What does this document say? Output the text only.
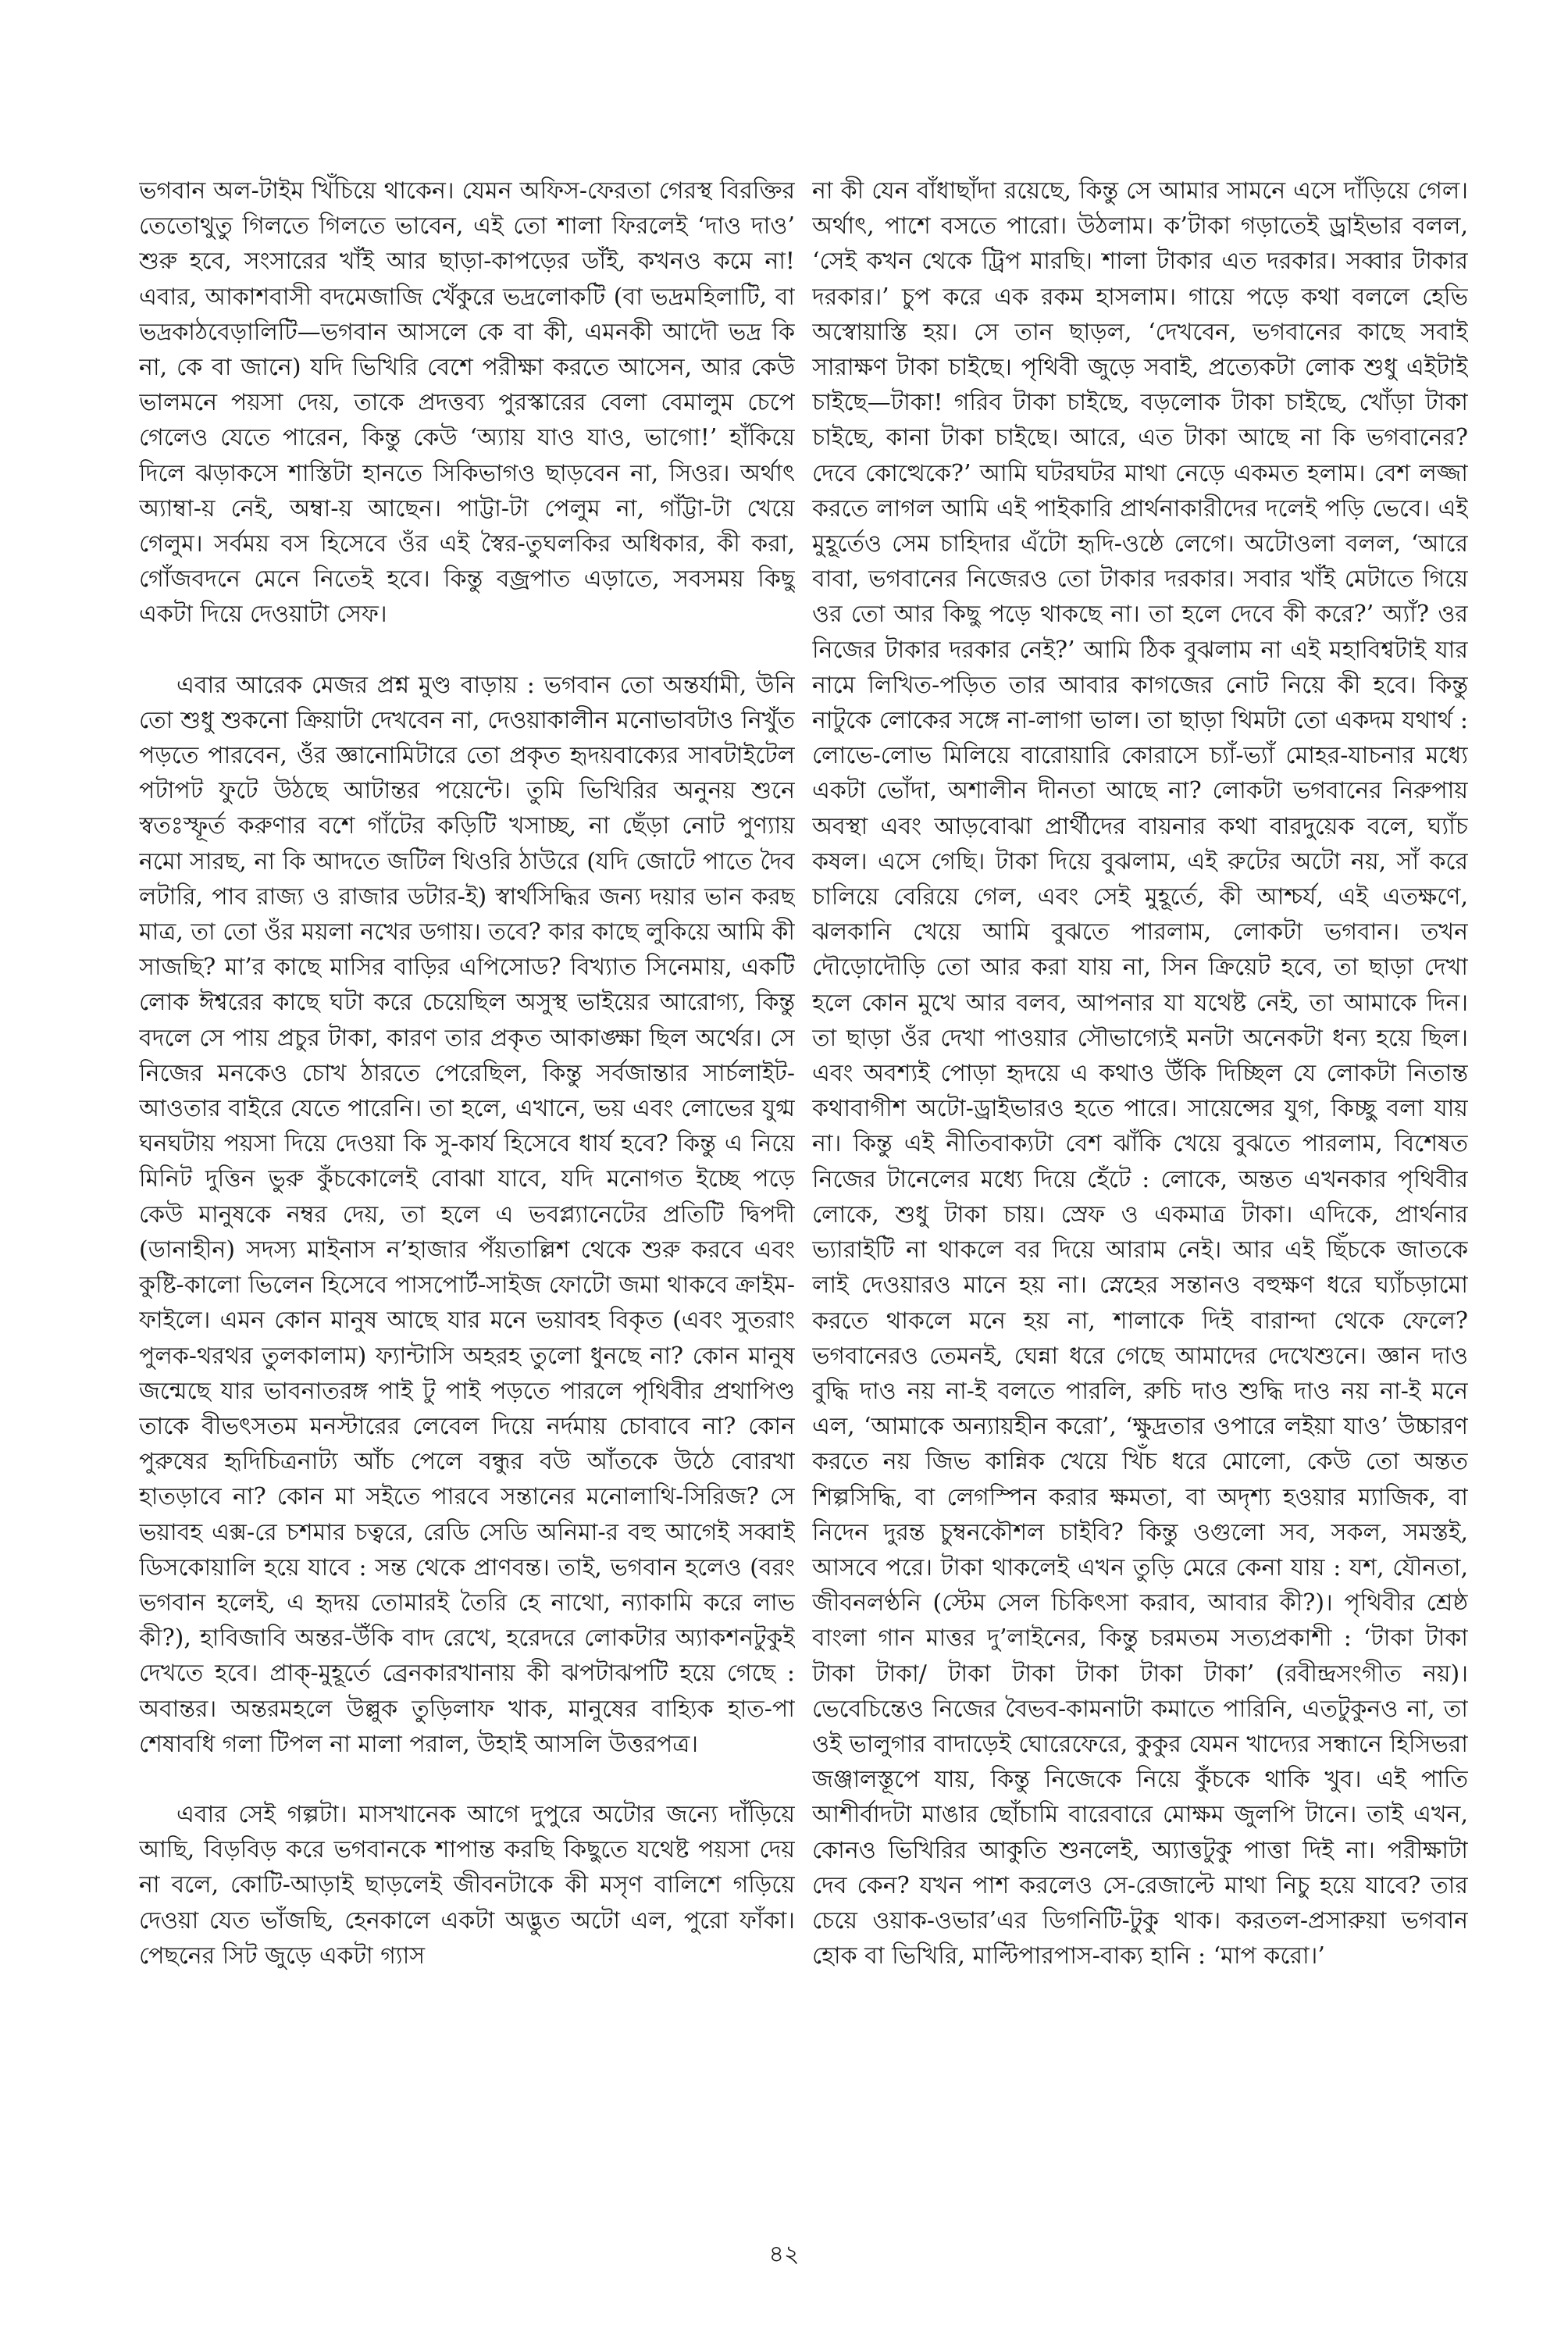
ভগবান অল-টাইম খিঁচিয়ে থাকেন। যেমন অফিস-ফেরতা গেরস্থ বিরক্তির তেতোথুতু গিলতে গিলতে ভাবেন, এই তো শালা ফিরলেই ‘দাও দাও’ শুরু হবে, সংসারের খাঁই আর ছাড়া-কাপড়ের ডাঁই, কখনও কমে না! এবার, আকাশবাসী বদমেজাজি খেঁকুরে ভদ্রলোকটি (বা ভদ্রমহিলাটি, বা ভদ্রকাঠবেড়ালিটি—ভগবান আসলে কে বা কী, এমনকী আদৌ ভদ্র কি না, কে বা জানে) যদি ভিখিরি বেশে পরীক্ষা করতে আসেন, আর কেউ ভালমনে পয়সা দেয়, তাকে প্রদত্তব্য পুরস্কারের বেলা বেমালুম চেপে গেলেও যেতে পারেন, কিন্তু কেউ ‘অ্যায় যাও যাও, ভাগো!’ হাঁকিয়ে দিলে ঝড়াকসে শাস্তিটা হানতে সিকিভাগও ছাড়বেন না, সিওর। অর্থাৎ অ্যাম্বা-য় নেই, অম্বা-য় আছেন। পাট্টা-টা পেলুম না, গাঁট্টা-টা খেয়ে গেলুম। সর্বময় বস হিসেবে ওঁর এই স্বৈর-তুঘলকির অধিকার, কী করা, গোঁজবদনে মেনে নিতেই হবে। কিন্তু বজ্রপাত এড়াতে, সবসময় কিছু একটা দিয়ে দেওয়াটা সেফ।

এবার আরেক মেজর প্রশ্ন মুণ্ড বাড়ায় : ভগবান তো অন্তর্যামী, উনি তো শুধু শুকনো ক্রিয়াটা দেখবেন না, দেওয়াকালীন মনোভাবটাও নিখুঁত পড়তে পারবেন, ওঁর জ্ঞানোমিটারে তো প্রকৃত হৃদয়বাক্যের সাবটাইটেল পটাপট ফুটে উঠছে আটান্তর পয়েন্টে। তুমি ভিখিরির অনুনয় শুনে স্বতঃস্ফূর্ত করুণার বশে গাঁটের কড়িটি খসাচ্ছ, না ছেঁড়া নোট পুণ্যায় নমো সারছ, না কি আদতে জটিল থিওরি ঠাউরে (যদি জোটে পাতে দৈব লটারি, পাব রাজ্য ও রাজার ডটার-ই) স্বার্থসিদ্ধির জন্য দয়ার ভান করছ মাত্র, তা তো ওঁর ময়লা নখের ডগায়। তবে? কার কাছে লুকিয়ে আমি কী সাজছি? মা’র কাছে মাসির বাড়ির এপিসোড? বিখ্যাত সিনেমায়, একটি লোক ঈশ্বরের কাছে ঘটা করে চেয়েছিল অসুস্থ ভাইয়ের আরোগ্য, কিন্তু বদলে সে পায় প্রচুর টাকা, কারণ তার প্রকৃত আকাঙ্ক্ষা ছিল অর্থের। সে নিজের মনকেও চোখ ঠারতে পেরেছিল, কিন্তু সর্বজান্তার সার্চলাইট-আওতার বাইরে যেতে পারেনি। তা হলে, এখানে, ভয় এবং লোভের যুগ্ম ঘনঘটায় পয়সা দিয়ে দেওয়া কি সু-কার্য হিসেবে ধার্য হবে? কিন্তু এ নিয়ে মিনিট দুত্তিন ভুরু কুঁচকোলেই বোঝা যাবে, যদি মনোগত ইচ্ছে পড়ে কেউ মানুষকে নম্বর দেয়, তা হলে এ ভবপ্ল্যানেটের প্রতিটি দ্বিপদী (ডানাহীন) সদস্য মাইনাস ন’হাজার পঁয়তাল্লিশ থেকে শুরু করবে এবং কুষ্টি-কালো ভিলেন হিসেবে পাসপোর্ট-সাইজ ফোটো জমা থাকবে ক্রাইম-ফাইলে। এমন কোন মানুষ আছে যার মনে ভয়াবহ বিকৃত (এবং সুতরাং পুলক-থরথর তুলকালাম) ফ্যান্টাসি অহরহ তুলো ধুনছে না? কোন মানুষ জন্মেছে যার ভাবনাতরঙ্গ পাই টু পাই পড়তে পারলে পৃথিবীর প্রথাপিণ্ড তাকে বীভৎসতম মনস্টারের লেবেল দিয়ে নর্দমায় চোবাবে না? কোন পুরুষের হৃদিচিত্রনাট্য আঁচ পেলে বন্ধুর বউ আঁতকে উঠে বোরখা হাতড়াবে না? কোন মা সইতে পারবে সন্তানের মনোলাথি-সিরিজ? সে ভয়াবহ এক্স-রে চশমার চত্বরে, রেডি সেডি অনিমা-র বহু আগেই সব্বাই ডিসকোয়ালি হয়ে যাবে : সন্ত থেকে প্রাণবন্ত। তাই, ভগবান হলেও (বরং ভগবান হলেই, এ হৃদয় তোমারই তৈরি হে নাথো, ন্যাকামি করে লাভ কী?), হাবিজাবি অন্তর-উঁকি বাদ রেখে, হরেদরে লোকটার অ্যাকশনটুকুই দেখতে হবে। প্রাক্-মুহূর্তে ব্রেনকারখানায় কী ঝপটাঝপটি হয়ে গেছে : অবান্তর। অন্তরমহলে উল্লুক তুড়িলাফ খাক, মানুষের বাহ্যিক হাত-পা শেষাবধি গলা টিপল না মালা পরাল, উহাই আসলি উত্তরপত্র।

এবার সেই গল্পটা। মাসখানেক আগে দুপুরে অটোর জন্যে দাঁড়িয়ে আছি, বিড়বিড় করে ভগবানকে শাপান্ত করছি কিছুতে যথেষ্ট পয়সা দেয় না বলে, কোটি-আড়াই ছাড়লেই জীবনটাকে কী মসৃণ বালিশে গড়িয়ে দেওয়া যেত ভাঁজছি, হেনকালে একটা অদ্ভুত অটো এল, পুরো ফাঁকা। পেছনের সিট জুড়ে একটা গ্যাস

না কী যেন বাঁধাছাঁদা রয়েছে, কিন্তু সে আমার সামনে এসে দাঁড়িয়ে গেল। অর্থাৎ, পাশে বসতে পারো। উঠলাম। ক’টাকা গড়াতেই ড্রাইভার বলল, ‘সেই কখন থেকে ট্রিপ মারছি। শালা টাকার এত দরকার। সব্বার টাকার দরকার।’ চুপ করে এক রকম হাসলাম। গায়ে পড়ে কথা বললে হেভি অস্বোয়াস্তি হয়। সে তান ছাড়ল, ‘দেখবেন, ভগবানের কাছে সবাই সারাক্ষণ টাকা চাইছে। পৃথিবী জুড়ে সবাই, প্রত্যেকটা লোক শুধু এইটাই চাইছে—টাকা! গরিব টাকা চাইছে, বড়লোক টাকা চাইছে, খোঁড়া টাকা চাইছে, কানা টাকা চাইছে। আরে, এত টাকা আছে না কি ভগবানের? দেবে কোত্থেকে?’ আমি ঘটরঘটর মাথা নেড়ে একমত হলাম। বেশ লজ্জা করতে লাগল আমি এই পাইকারি প্রার্থনাকারীদের দলেই পড়ি ভেবে। এই মুহূর্তেও সেম চাহিদার এঁটো হৃদি-ওষ্ঠে লেগে। অটোওলা বলল, ‘আরে বাবা, ভগবানের নিজেরও তো টাকার দরকার। সবার খাঁই মেটাতে গিয়ে ওর তো আর কিছু পড়ে থাকছে না। তা হলে দেবে কী করে?’ অ্যাঁ? ওর নিজের টাকার দরকার নেই?’ আমি ঠিক বুঝলাম না এই মহাবিশ্বটাই যার নামে লিখিত-পড়িত তার আবার কাগজের নোট নিয়ে কী হবে। কিন্তু নাটুকে লোকের সঙ্গে না-লাগা ভাল। তা ছাড়া থিমটা তো একদম যথার্থ : লোভে-লোভ মিলিয়ে বারোয়ারি কোরাসে চ্যাঁ-ভ্যাঁ মোহর-যাচনার মধ্যে একটা ভোঁদা, অশালীন দীনতা আছে না? লোকটা ভগবানের নিরুপায় অবস্থা এবং আড়বোঝা প্রার্থীদের বায়নার কথা বারদুয়েক বলে, ঘ্যাঁচ কষল। এসে গেছি। টাকা দিয়ে বুঝলাম, এই রুটের অটো নয়, সাঁ করে চালিয়ে বেরিয়ে গেল, এবং সেই মুহূর্তে, কী আশ্চর্য, এই এতক্ষণে, ঝলকানি খেয়ে আমি বুঝতে পারলাম, লোকটা ভগবান। তখন দৌড়োদৌড়ি তো আর করা যায় না, সিন ক্রিয়েট হবে, তা ছাড়া দেখা হলে কোন মুখে আর বলব, আপনার যা যথেষ্ট নেই, তা আমাকে দিন। তা ছাড়া ওঁর দেখা পাওয়ার সৌভাগ্যেই মনটা অনেকটা ধন্য হয়ে ছিল। এবং অবশ্যই পোড়া হৃদয়ে এ কথাও উঁকি দিচ্ছিল যে লোকটা নিতান্ত কথাবাগীশ অটো-ড্রাইভারও হতে পারে। সায়েন্সের যুগ, কিচ্ছু বলা যায় না। কিন্তু এই নীতিবাক্যটা বেশ ঝাঁকি খেয়ে বুঝতে পারলাম, বিশেষত নিজের টানেলের মধ্যে দিয়ে হেঁটে : লোকে, অন্তত এখনকার পৃথিবীর লোকে, শুধু টাকা চায়। স্রেফ ও একমাত্র টাকা। এদিকে, প্রার্থনার ভ্যারাইটি না থাকলে বর দিয়ে আরাম নেই। আর এই ছিঁচকে জাতকে লাই দেওয়ারও মানে হয় না। স্নেহের সন্তানও বহুক্ষণ ধরে ঘ্যাঁচড়ামো করতে থাকলে মনে হয় না, শালাকে দিই বারান্দা থেকে ফেলে? ভগবানেরও তেমনই, ঘেন্না ধরে গেছে আমাদের দেখেশুনে। জ্ঞান দাও বুদ্ধি দাও নয় না-ই বলতে পারলি, রুচি দাও শুদ্ধি দাও নয় না-ই মনে এল, ‘আমাকে অন্যায়হীন করো’, ‘ক্ষুদ্রতার ওপারে লইয়া যাও’ উচ্চারণ করতে নয় জিভ কান্নিক খেয়ে খিঁচ ধরে মোলো, কেউ তো অন্তত শিল্পসিদ্ধি, বা লেগস্পিন করার ক্ষমতা, বা অদৃশ্য হওয়ার ম্যাজিক, বা নিদেন দুরন্ত চুম্বনকৌশল চাইবি? কিন্তু ওগুলো সব, সকল, সমস্তই, আসবে পরে। টাকা থাকলেই এখন তুড়ি মেরে কেনা যায় : যশ, যৌনতা, জীবনলণ্ঠনি (স্টেম সেল চিকিৎসা করাব, আবার কী?)। পৃথিবীর শ্রেষ্ঠ বাংলা গান মাত্তর দু’লাইনের, কিন্তু চরমতম সত্যপ্রকাশী : ‘টাকা টাকা টাকা টাকা/ টাকা টাকা টাকা টাকা টাকা’ (রবীন্দ্রসংগীত নয়)। ভেবেচিন্তেও নিজের বৈভব-কামনাটা কমাতে পারিনি, এতটুকুনও না, তা ওই ভালুগার বাদাড়েই ঘোরেফেরে, কুকুর যেমন খাদ্যের সন্ধানে হিসিভরা জঞ্জালস্তূপে যায়, কিন্তু নিজেকে নিয়ে কুঁচকে থাকি খুব। এই পাতি আশীর্বাদটা মাঙার ছোঁচামি বারেবারে মোক্ষম জুলপি টানে। তাই এখন, কোনও ভিখিরির আকুতি শুনলেই, অ্যাত্তটুকু পাত্তা দিই না। পরীক্ষাটা দেব কেন? যখন পাশ করলেও সে-রেজাল্টে মাথা নিচু হয়ে যাবে? তার চেয়ে ওয়াক-ওভার’এর ডিগনিটি-টুকু থাক। করতল-প্রসারুয়া ভগবান হোক বা ভিখিরি, মাল্টিপারপাস-বাক্য হানি : ‘মাপ করো।’

৪২
